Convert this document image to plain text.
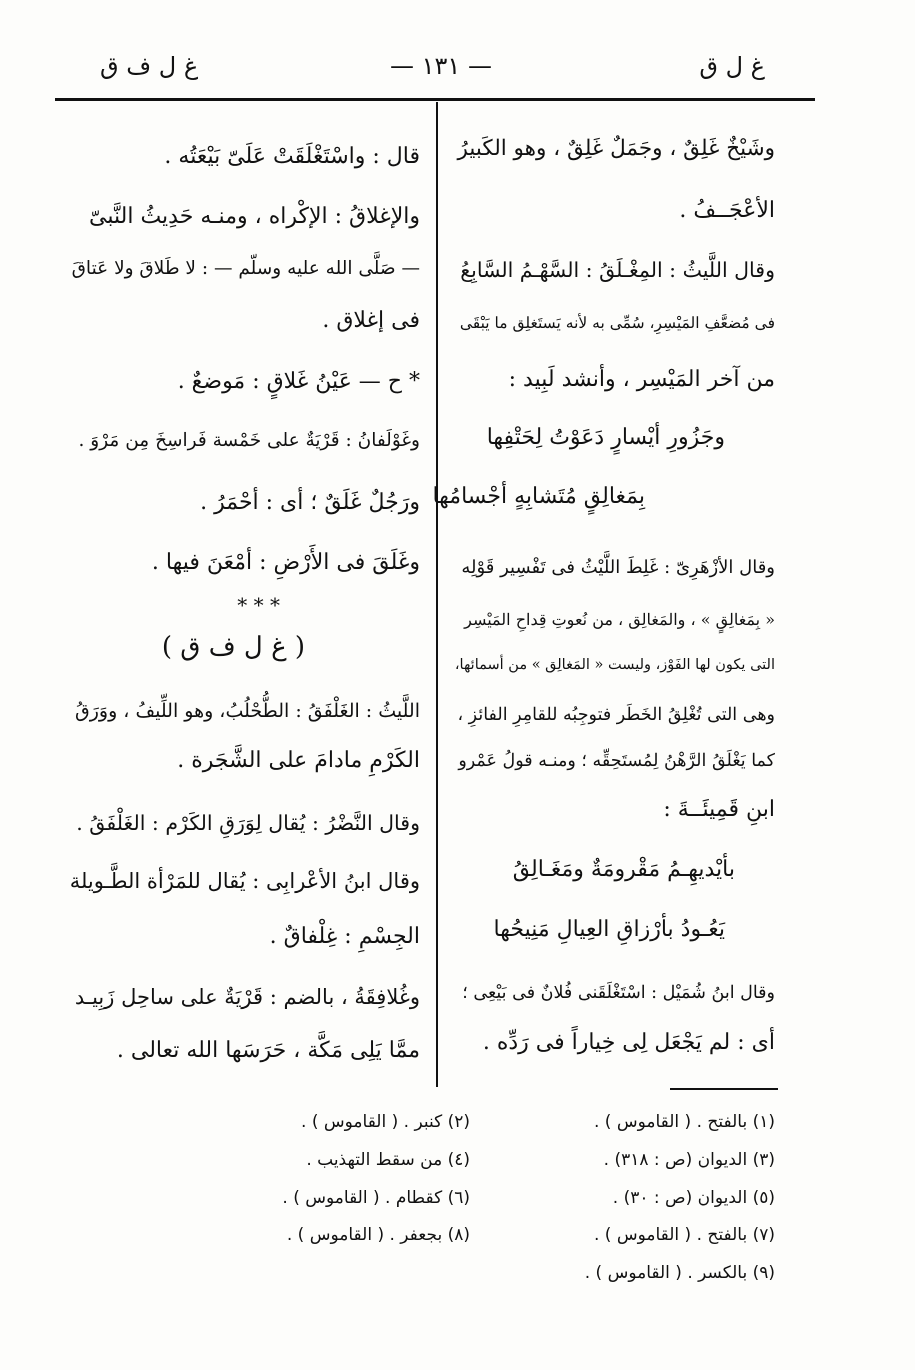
غ ل ق
— ١٣١ —
غ ل ف ق
وشَيْخٌ غَلِقٌ ، وجَمَلٌ غَلِقٌ ، وهو الكَبيرُ
الأعْجَــفُ .
وقال اللَّيثُ : المِغْـلَقُ : السَّهْـمُ السَّابِعُ
فى مُضعَّفِ المَيْسِرِ، سُمِّى به لأنه يَستَغلِق ما يَبْقَى
من آخر المَيْسِر ، وأنشد لَبِيد :
وجَزُورِ أيْسارٍ دَعَوْتُ لِحَتْفِها
بِمَغالِقٍ مُتَشابِهٍ أجْسامُها
وقال الأزْهَرِىّ : غَلِطَ اللَّيْثُ فى تَفْسِير قَوْلِه
« بِمَغالِقٍ » ، والمَغالِق ، من نُعوتِ قِداحِ المَيْسِر
التى يكون لها الفَوْز، وليست « المَغالِق » من أسمائها،
وهى التى تُغْلِقُ الخَطَر فتوجِبُه للقامِرِ الفائزِ ،
كما يَغْلَقُ الرَّهْنُ لِمُستَحِقِّه ؛ ومنـه قولُ عَمْرو
ابنِ قَمِيئَــةَ :
بأيْديهِـمُ مَقْرومَةٌ ومَغَـالِقُ
يَعُـودُ بأرْزاقِ العِيالِ مَنِيحُها
وقال ابنُ شُمَيْل : اسْتَغْلَقَنى فُلانٌ فى بَيْعِى ؛
أى : لم يَجْعَل لِى خِياراً فى رَدِّه .
قال : واسْتَغْلَقَتْ عَلَىّ بَيْعَتُه .
والإغلاقُ : الإكْراه ، ومنـه حَدِيثُ النَّبىّ
— صَلَّى الله عليه وسلّم — : لا طَلاقَ ولا عَتاقَ
فى إغلاق .
* ح — عَيْنُ غَلاقٍ : مَوضعٌ .
وغَوْلَفانُ : قَرْيَةٌ على خَمْسة فَراسِخَ مِن مَرْوَ .
ورَجُلٌ غَلَقٌ ؛ أى : أحْمَرُ .
وغَلَقَ فى الأَرْضِ : أمْعَنَ فيها .
* * *
( غ ل ف ق )
اللَّيثُ : الغَلْفَقُ : الطُّحْلُبُ، وهو اللِّيفُ ، ووَرَقُ
الكَرْمِ مادامَ على الشَّجَرة .
وقال النَّضْرُ : يُقال لِوَرَقِ الكَرْم : الغَلْفَقُ .
وقال ابنُ الأعْرابِى : يُقال للمَرْأة الطَّـويلة
الجِسْمِ : غِلْفاقٌ .
وغُلافِقَةُ ، بالضم : قَرْيَةٌ على ساحِل زَبِيـد
ممَّا يَلِى مَكَّة ، حَرَسَها الله تعالى .
(١) بالفتح . ( القاموس ) .
(٣) الديوان (ص : ٣١٨) .
(٥) الديوان (ص : ٣٠) .
(٧) بالفتح . ( القاموس ) .
(٩) بالكسر . ( القاموس ) .
(٢) كنبر . ( القاموس ) .
(٤) من سقط التهذيب .
(٦) كقطام . ( القاموس ) .
(٨) بجعفر . ( القاموس ) .
